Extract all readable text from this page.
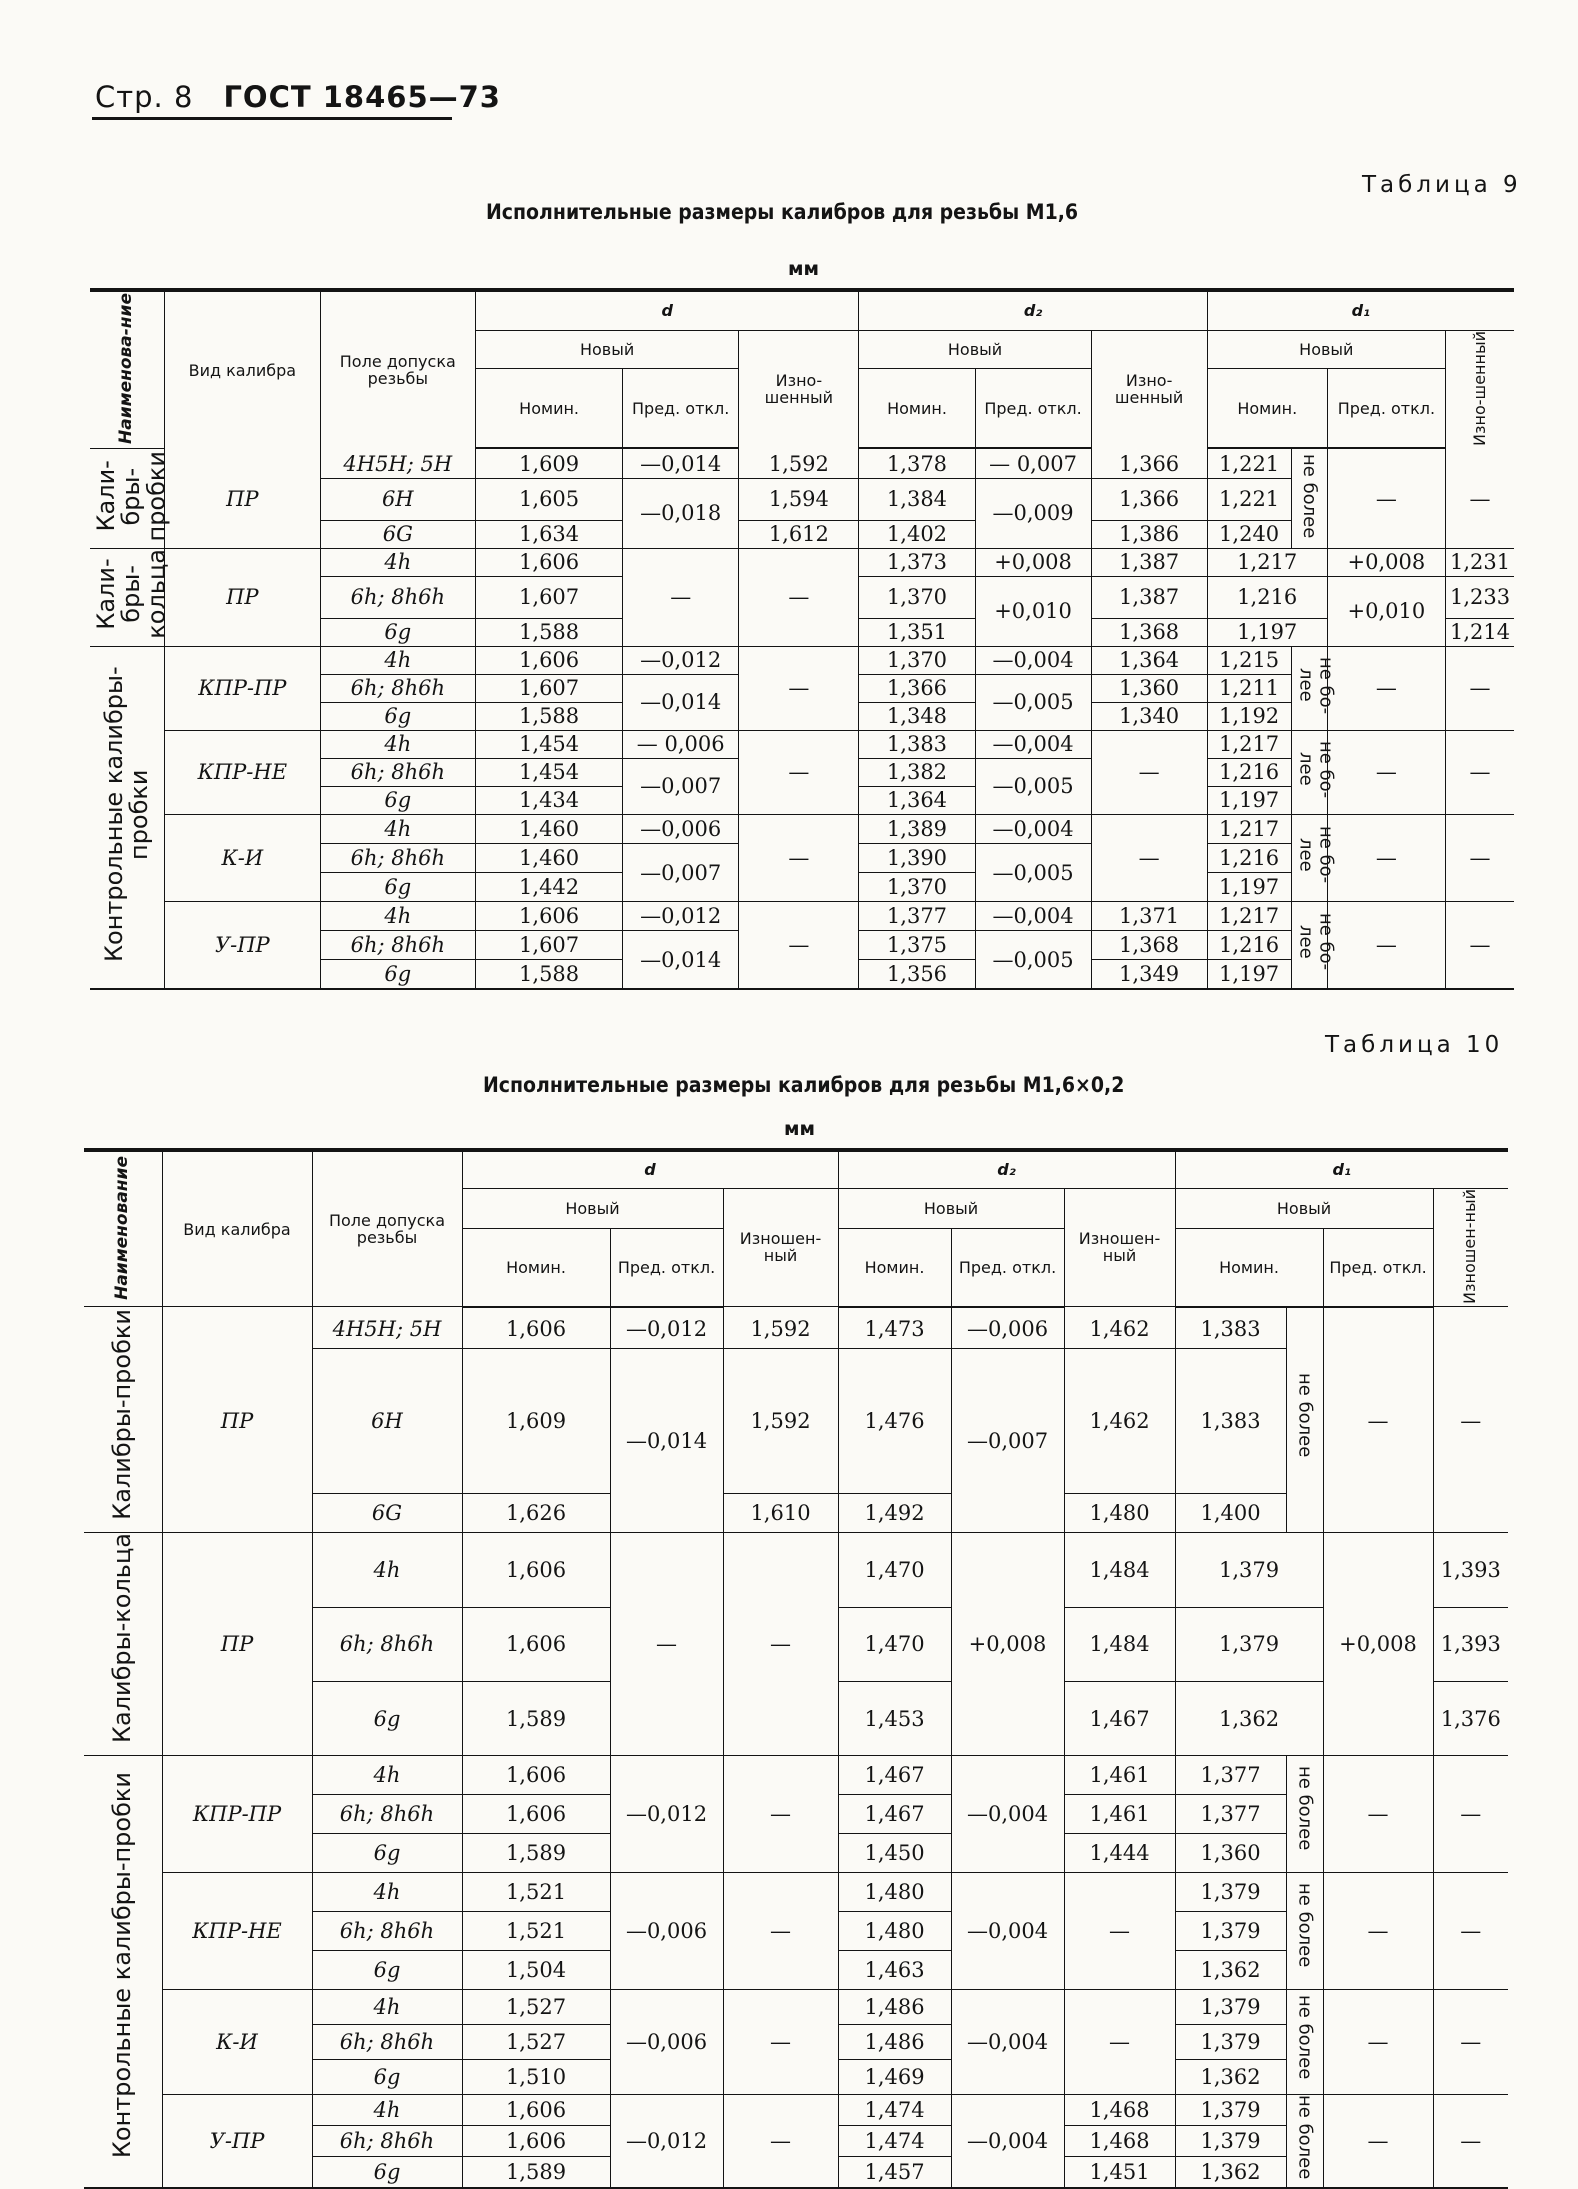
Стр. 8 ГОСТ 18465—73
Таблица 9
Исполнительные размеры калибров для резьбы М1,6
мм
Наименова-ние	Вид калибра	Поле допуска резьбы	d			d₂			d₁			
			Новый		Изно-шенный	Новый		Изно-шенный	Новый			Изно-шенный
			Номин.	Пред. откл.		Номин.	Пред. откл.		Номин.		Пред. откл.	
Кали-бры-пробки	ПР	4Н5Н; 5Н	1,609	—0,014	1,592	1,378	— 0,007	1,366	1,221	не более	—	—
		6Н	1,605	—0,018	1,594	1,384	—0,009	1,366	1,221			
		6G	1,634		1,612	1,402		1,386	1,240			
Кали-бры-кольца	ПР	4h	1,606	—	—	1,373	+0,008	1,387	1,217		+0,008	1,231
		6h; 8h6h	1,607			1,370	+0,010	1,387	1,216		+0,010	1,233
		6g	1,588			1,351		1,368	1,197			1,214
Контрольные калибры-пробки	КПР-ПР	4h	1,606	—0,012	—	1,370	—0,004	1,364	1,215	не бо-лее	—	—
		6h; 8h6h	1,607	—0,014		1,366	—0,005	1,360	1,211			
		6g	1,588			1,348		1,340	1,192			
	КПР-НЕ	4h	1,454	— 0,006	—	1,383	—0,004	—	1,217	не бо-лее	—	—
		6h; 8h6h	1,454	—0,007		1,382	—0,005		1,216			
		6g	1,434			1,364			1,197			
	К-И	4h	1,460	—0,006	—	1,389	—0,004	—	1,217	не бо-лее	—	—
		6h; 8h6h	1,460	—0,007		1,390	—0,005		1,216			
		6g	1,442			1,370			1,197			
	У-ПР	4h	1,606	—0,012	—	1,377	—0,004	1,371	1,217	не бо-лее	—	—
		6h; 8h6h	1,607	—0,014		1,375	—0,005	1,368	1,216			
		6g	1,588			1,356		1,349	1,197			
Таблица 10
Исполнительные размеры калибров для резьбы М1,6×0,2
мм
Наименование	Вид калибра	Поле допуска резьбы	d			d₂			d₁			
			Новый		Изношен-ный	Новый		Изношен-ный	Новый			Изношен-ный
			Номин.	Пред. откл.		Номин.	Пред. откл.		Номин.		Пред. откл.	
Калибры-пробки	ПР	4Н5Н; 5Н	1,606	—0,012	1,592	1,473	—0,006	1,462	1,383	не более	—	—
		6Н	1,609	—0,014	1,592	1,476	—0,007	1,462	1,383			
		6G	1,626		1,610	1,492		1,480	1,400			
Калибры-кольца	ПР	4h	1,606	—	—	1,470	+0,008	1,484	1,379		+0,008	1,393
		6h; 8h6h	1,606			1,470		1,484	1,379			1,393
		6g	1,589			1,453		1,467	1,362			1,376
Контрольные калибры-пробки	КПР-ПР	4h	1,606	—0,012	—	1,467	—0,004	1,461	1,377	не более	—	—
		6h; 8h6h	1,606			1,467		1,461	1,377			
		6g	1,589			1,450		1,444	1,360			
	КПР-НЕ	4h	1,521	—0,006	—	1,480	—0,004	—	1,379	не более	—	—
		6h; 8h6h	1,521			1,480			1,379			
		6g	1,504			1,463			1,362			
	К-И	4h	1,527	—0,006	—	1,486	—0,004	—	1,379	не более	—	—
		6h; 8h6h	1,527			1,486			1,379			
		6g	1,510			1,469			1,362			
	У-ПР	4h	1,606	—0,012	—	1,474	—0,004	1,468	1,379	не более	—	—
		6h; 8h6h	1,606			1,474		1,468	1,379			
		6g	1,589			1,457		1,451	1,362			
